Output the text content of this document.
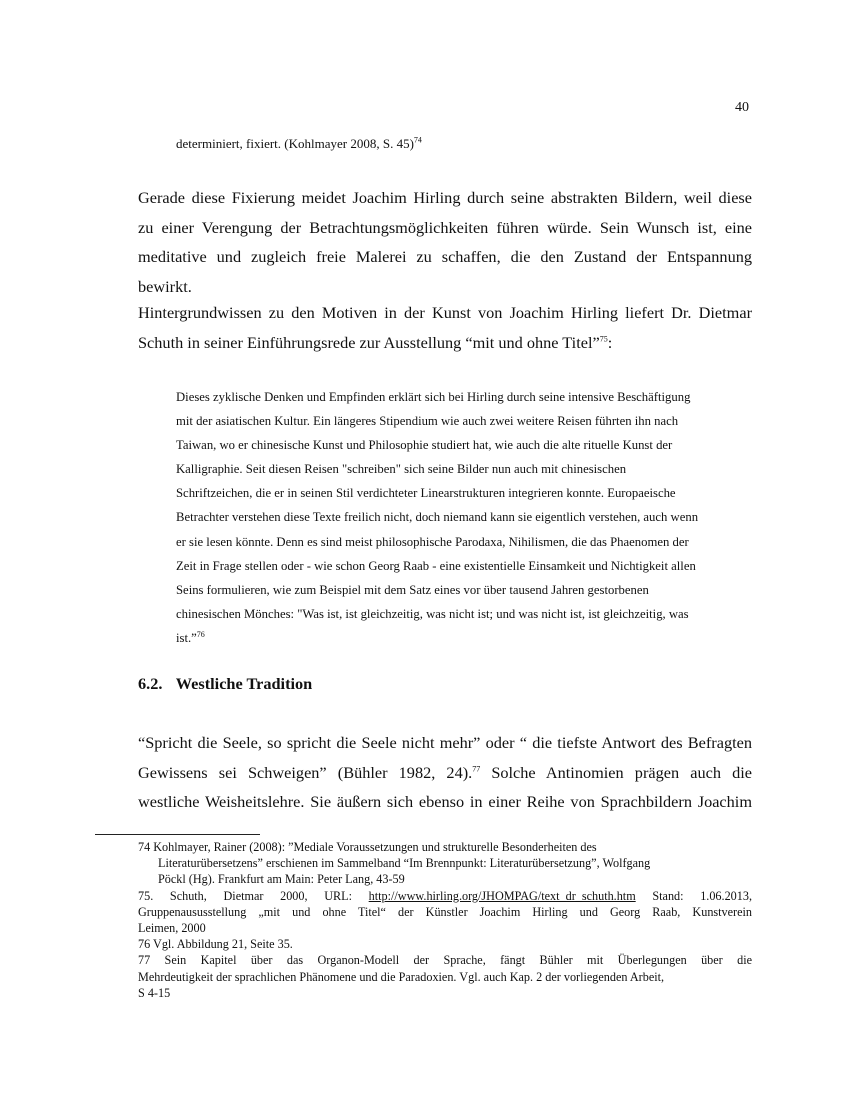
40
determiniert, fixiert. (Kohlmayer 2008, S. 45)$^{74}$

Gerade diese Fixierung meidet Joachim Hirling durch seine abstrakten Bildern, weil diese
zu einer Verengung der Betrachtungsmöglichkeiten führen würde. Sein Wunsch ist, eine
meditative und zugleich freie Malerei zu schaffen, die den Zustand der Entspannung
bewirkt.

Hintergrundwissen zu den Motiven in der Kunst von Joachim Hirling liefert Dr. Dietmar
Schuth in seiner Einführungsrede zur Ausstellung “mit und ohne Titel”$^{75}$:

Dieses zyklische Denken und Empfinden erklärt sich bei Hirling durch seine intensive Beschäftigung
mit der asiatischen Kultur. Ein längeres Stipendium wie auch zwei weitere Reisen führten ihn nach
Taiwan, wo er chinesische Kunst und Philosophie studiert hat, wie auch die alte rituelle Kunst der
Kalligraphie. Seit diesen Reisen "schreiben" sich seine Bilder nun auch mit chinesischen
Schriftzeichen, die er in seinen Stil verdichteter Linearstrukturen integrieren konnte. Europaeische
Betrachter verstehen diese Texte freilich nicht, doch niemand kann sie eigentlich verstehen, auch wenn
er sie lesen könnte. Denn es sind meist philosophische Parodaxa, Nihilismen, die das Phaenomen der
Zeit in Frage stellen oder - wie schon Georg Raab - eine existentielle Einsamkeit und Nichtigkeit allen
Seins formulieren, wie zum Beispiel mit dem Satz eines vor über tausend Jahren gestorbenen
chinesischen Mönches: "Was ist, ist gleichzeitig, was nicht ist; und was nicht ist, ist gleichzeitig, was
ist.”$^{76}$
6.2. Westliche Tradition

“Spricht die Seele, so spricht die Seele nicht mehr” oder “ die tiefste Antwort des Befragten
Gewissens sei Schweigen” (Bühler 1982, 24).$^{77}$ Solche Antinomien prägen auch die
westliche Weisheitslehre. Sie äußern sich ebenso in einer Reihe von Sprachbildern Joachim

74 Kohlmayer, Rainer (2008): ”Mediale Voraussetzungen und strukturelle Besonderheiten des
Literaturübersetzens” erschienen im Sammelband “Im Brennpunkt: Literaturübersetzung”, Wolfgang
Pöckl (Hg). Frankfurt am Main: Peter Lang, 43-59

75. Schuth, Dietmar 2000, URL: http://www.hirling.org/JHOMPAG/text_dr_schuth.htm Stand: 1.06.2013,
Gruppenaususstellung „mit und ohne Titel“ der Künstler Joachim Hirling und Georg Raab, Kunstverein
Leimen, 2000

76 Vgl. Abbildung 21, Seite 35.

77 Sein Kapitel über das Organon-Modell der Sprache, fängt Bühler mit Überlegungen über die
Mehrdeutigkeit der sprachlichen Phänomene und die Paradoxien. Vgl. auch Kap. 2 der vorliegenden Arbeit,
S 4-15
